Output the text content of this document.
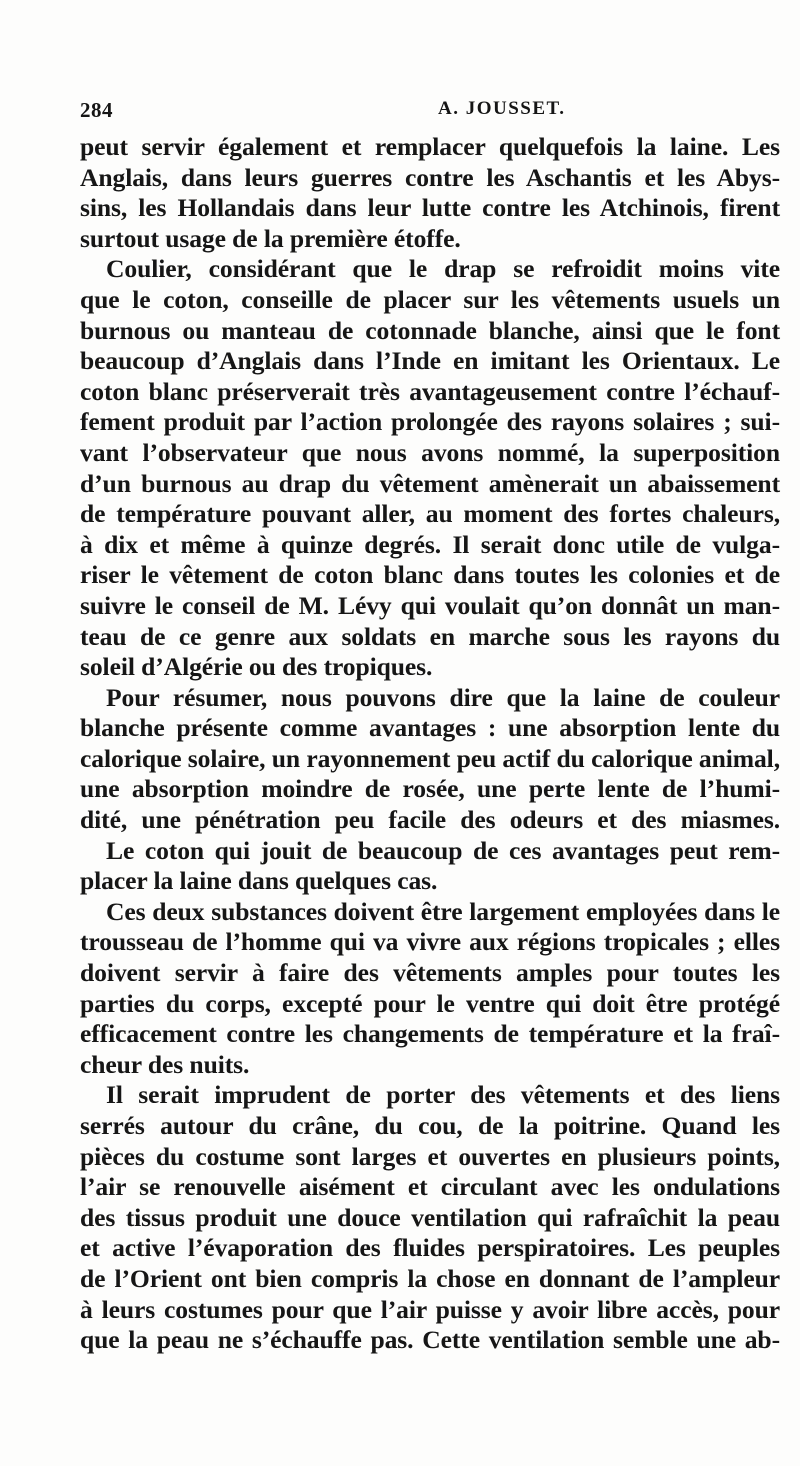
284	A. JOUSSET.
peut servir également et remplacer quelquefois la laine. Les
Anglais, dans leurs guerres contre les Aschantis et les Abys-
sins, les Hollandais dans leur lutte contre les Atchinois, firent
surtout usage de la première étoffe.
Coulier, considérant que le drap se refroidit moins vite
que le coton, conseille de placer sur les vêtements usuels un
burnous ou manteau de cotonnade blanche, ainsi que le font
beaucoup d’Anglais dans l’Inde en imitant les Orientaux. Le
coton blanc préserverait très avantageusement contre l’échauf-
fement produit par l’action prolongée des rayons solaires ; sui-
vant l’observateur que nous avons nommé, la superposition
d’un burnous au drap du vêtement amènerait un abaissement
de température pouvant aller, au moment des fortes chaleurs,
à dix et même à quinze degrés. Il serait donc utile de vulga-
riser le vêtement de coton blanc dans toutes les colonies et de
suivre le conseil de M. Lévy qui voulait qu’on donnât un man-
teau de ce genre aux soldats en marche sous les rayons du
soleil d’Algérie ou des tropiques.
Pour résumer, nous pouvons dire que la laine de couleur
blanche présente comme avantages : une absorption lente du
calorique solaire, un rayonnement peu actif du calorique animal,
une absorption moindre de rosée, une perte lente de l’humi-
dité, une pénétration peu facile des odeurs et des miasmes.
Le coton qui jouit de beaucoup de ces avantages peut rem-
placer la laine dans quelques cas.
Ces deux substances doivent être largement employées dans le
trousseau de l’homme qui va vivre aux régions tropicales ; elles
doivent servir à faire des vêtements amples pour toutes les
parties du corps, excepté pour le ventre qui doit être protégé
efficacement contre les changements de température et la fraî-
cheur des nuits.
Il serait imprudent de porter des vêtements et des liens
serrés autour du crâne, du cou, de la poitrine. Quand les
pièces du costume sont larges et ouvertes en plusieurs points,
l’air se renouvelle aisément et circulant avec les ondulations
des tissus produit une douce ventilation qui rafraîchit la peau
et active l’évaporation des fluides perspiratoires. Les peuples
de l’Orient ont bien compris la chose en donnant de l’ampleur
à leurs costumes pour que l’air puisse y avoir libre accès, pour
que la peau ne s’échauffe pas. Cette ventilation semble une ab-
